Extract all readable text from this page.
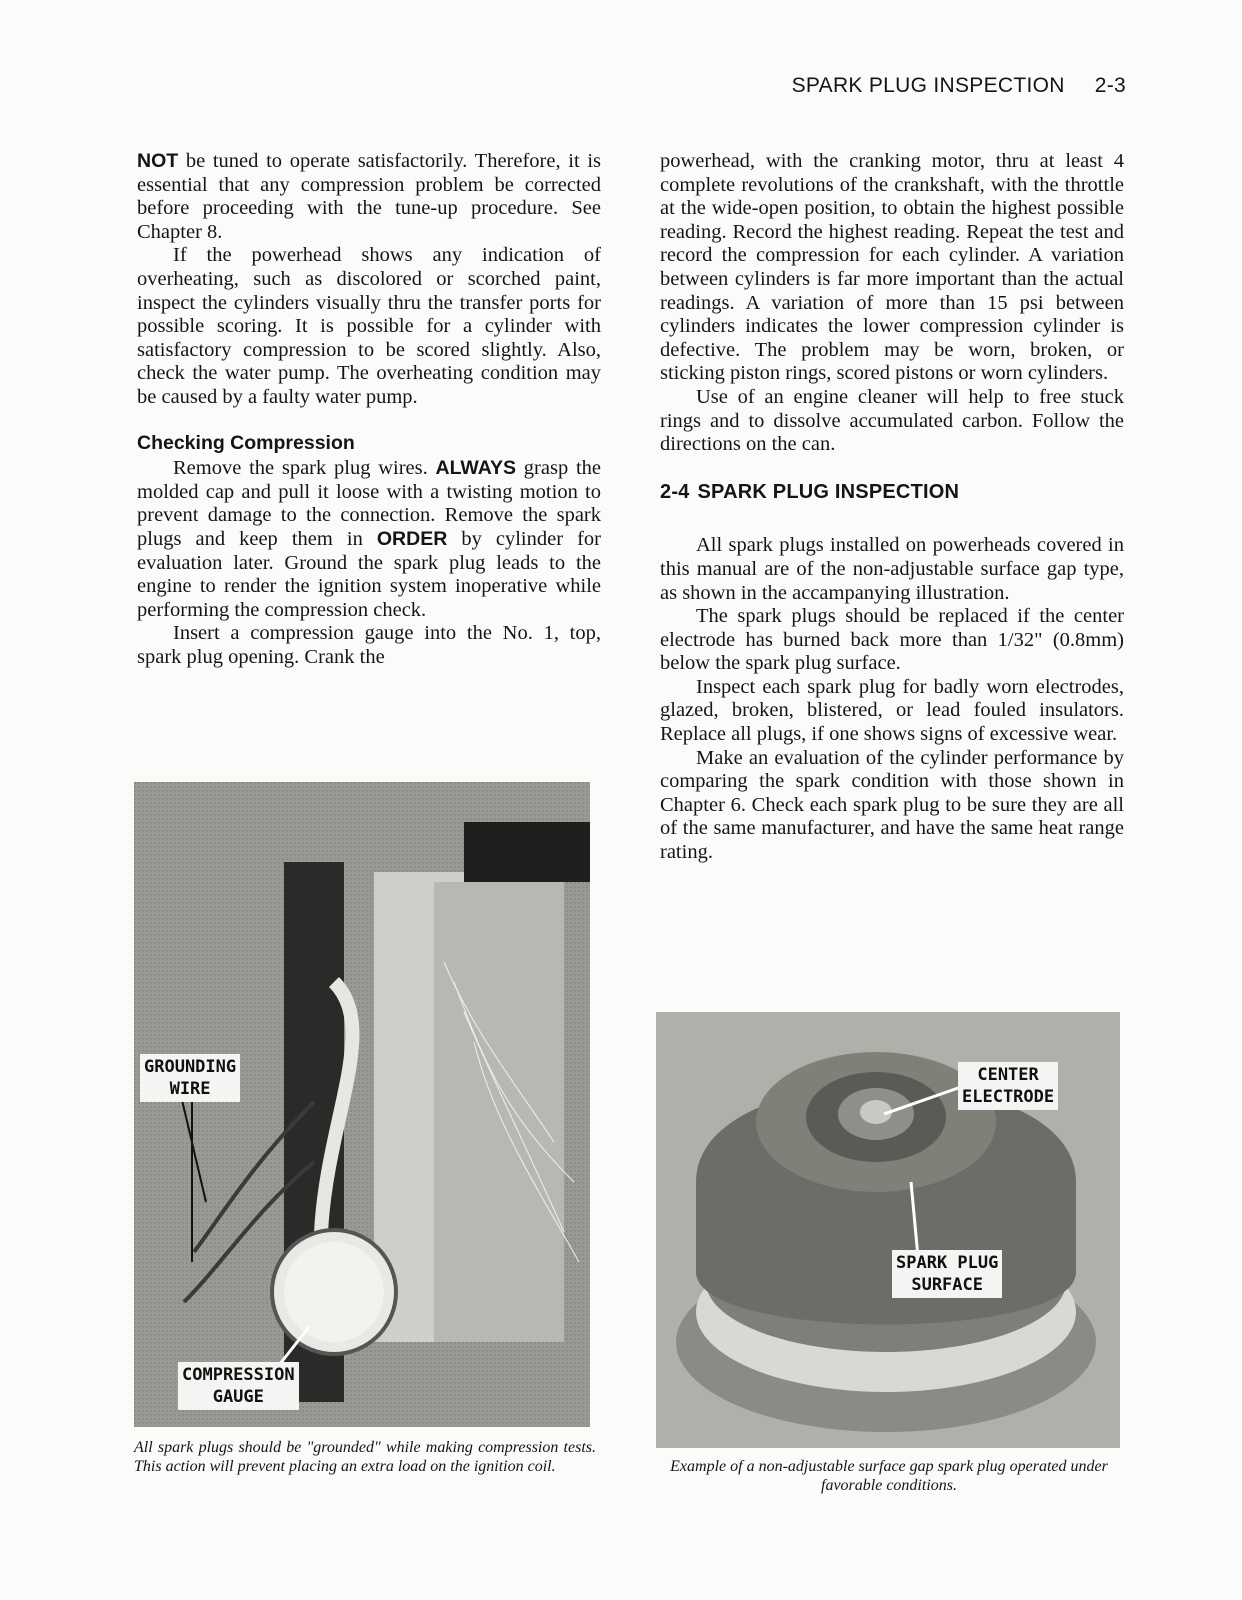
SPARK PLUG INSPECTION 2-3

NOT be tuned to operate satisfactorily. Therefore, it is essential that any compression problem be corrected before proceeding with the tune-up procedure. See Chapter 8.

If the powerhead shows any indication of overheating, such as discolored or scorched paint, inspect the cylinders visually thru the transfer ports for possible scoring. It is possible for a cylinder with satisfactory compression to be scored slightly. Also, check the water pump. The overheating condition may be caused by a faulty water pump.

Checking Compression

Remove the spark plug wires. ALWAYS grasp the molded cap and pull it loose with a twisting motion to prevent damage to the connection. Remove the spark plugs and keep them in ORDER by cylinder for evaluation later. Ground the spark plug leads to the engine to render the ignition system inoperative while performing the compression check.

Insert a compression gauge into the No. 1, top, spark plug opening. Crank the

powerhead, with the cranking motor, thru at least 4 complete revolutions of the crankshaft, with the throttle at the wide-open position, to obtain the highest possible reading. Record the highest reading. Repeat the test and record the compression for each cylinder. A variation between cylinders is far more important than the actual readings. A variation of more than 15 psi between cylinders indicates the lower compression cylinder is defective. The problem may be worn, broken, or sticking piston rings, scored pistons or worn cylinders.

Use of an engine cleaner will help to free stuck rings and to dissolve accumulated carbon. Follow the directions on the can.

2-4 SPARK PLUG INSPECTION

All spark plugs installed on powerheads covered in this manual are of the non-adjustable surface gap type, as shown in the accampanying illustration.

The spark plugs should be replaced if the center electrode has burned back more than 1/32" (0.8mm) below the spark plug surface.

Inspect each spark plug for badly worn electrodes, glazed, broken, blistered, or lead fouled insulators. Replace all plugs, if one shows signs of excessive wear.

Make an evaluation of the cylinder performance by comparing the spark condition with those shown in Chapter 6. Check each spark plug to be sure they are all of the same manufacturer, and have the same heat range rating.

GROUNDING
WIRE
COMPRESSION
GAUGE
All spark plugs should be "grounded" while making compression tests. This action will prevent placing an extra load on the ignition coil.
CENTER
ELECTRODE
SPARK PLUG
SURFACE
Example of a non-adjustable surface gap spark plug operated under favorable conditions.
